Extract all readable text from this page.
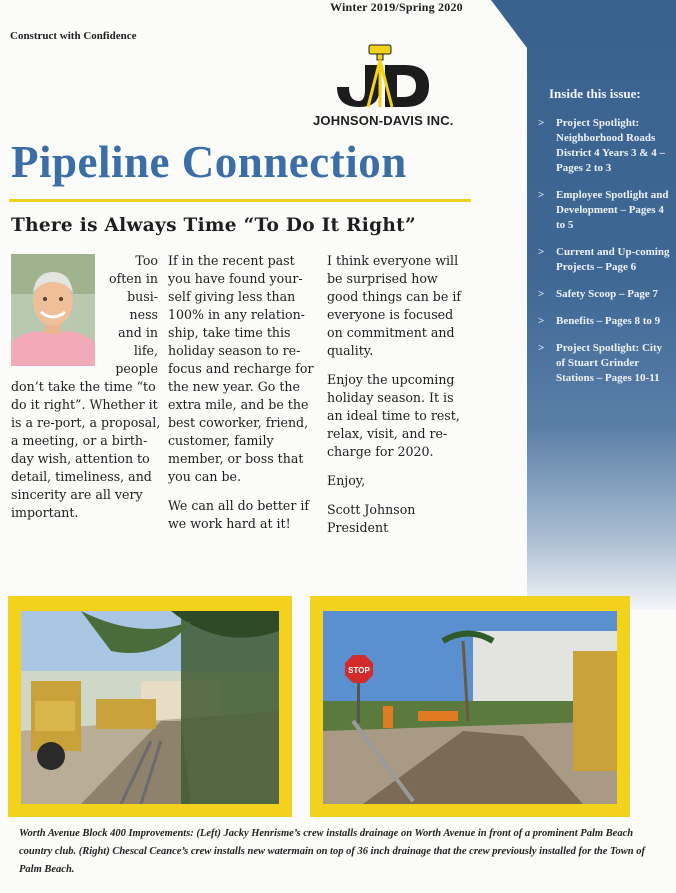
Winter 2019/Spring 2020
Construct with Confidence
JOHNSON-DAVIS INC.
Pipeline Connection
Inside this issue:
> Project Spotlight: Neighborhood Roads District 4 Years 3 & 4 – Pages 2 to 3
> Employee Spotlight and Development – Pages 4 to 5
> Current and Up-coming Projects – Page 6
> Safety Scoop – Page 7
> Benefits – Pages 8 to 9
> Project Spotlight: City of Stuart Grinder Stations – Pages 10-11
There is Always Time “To Do It Right”
Too
often in
busi-
ness
and in
life,
people

don’t take the time “to do it right”. Whether it is a re-port, a proposal, a meeting, or a birth-day wish, attention to detail, timeliness, and sincerity are all very important.

If in the recent past you have found your-self giving less than 100% in any relation-ship, take time this holiday season to re-focus and recharge for the new year. Go the extra mile, and be the best coworker, friend, customer, family member, or boss that you can be.
We can all do better if we work hard at it!
I think everyone will be surprised how good things can be if everyone is focused on commitment and quality.
Enjoy the upcoming holiday season. It is an ideal time to rest, relax, visit, and re-charge for 2020.
Enjoy,
Scott Johnson
President
STOP
Worth Avenue Block 400 Improvements: (Left) Jacky Henrisme’s crew installs drainage on Worth Avenue in front of a prominent Palm Beach country club. (Right) Chescal Ceance’s crew installs new watermain on top of 36 inch drainage that the crew previously installed for the Town of Palm Beach.
